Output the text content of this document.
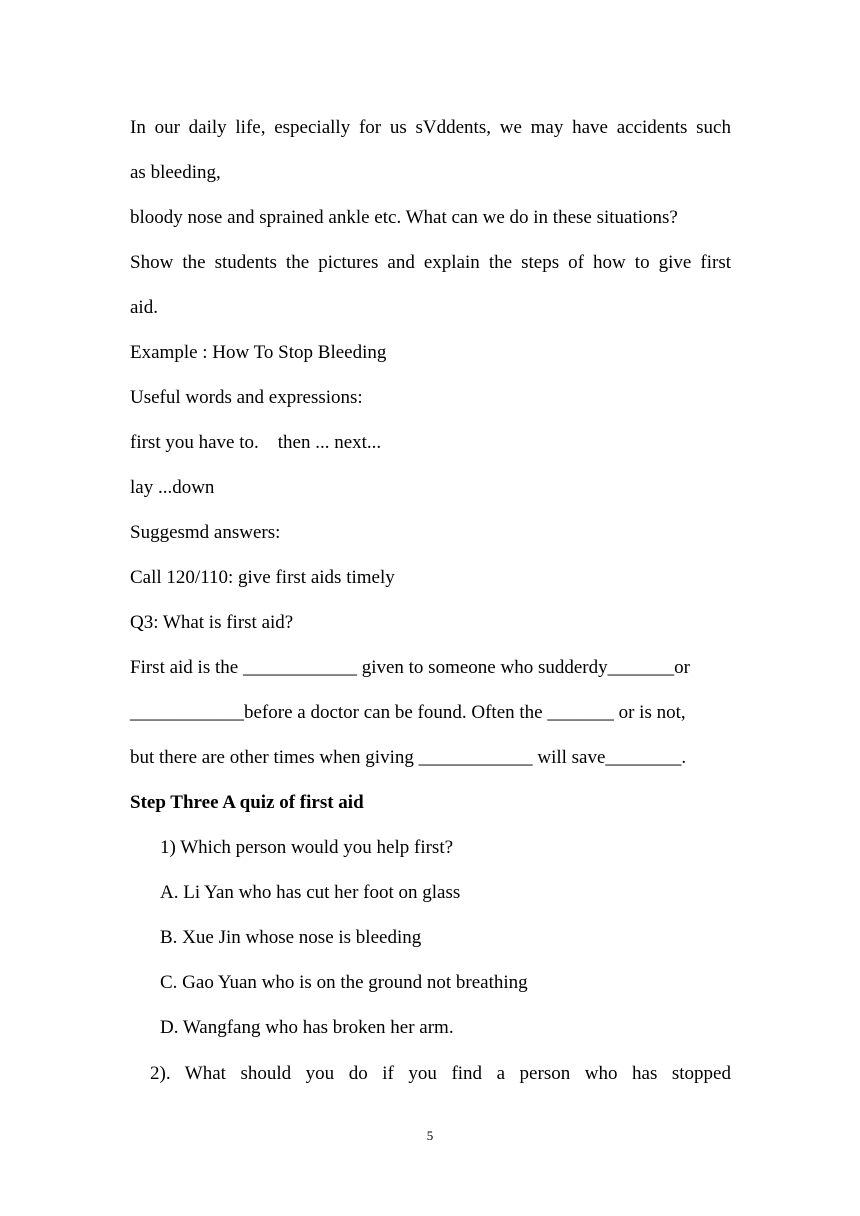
In our daily life, especially for us sVddents, we may have accidents such
as bleeding,
bloody nose and sprained ankle etc. What can we do in these situations?
Show the students the pictures and explain the steps of how to give first
aid.
Example : How To Stop Bleeding
Useful words and expressions:
first you have to.    then ... next...
lay ...down
Suggesmd answers:
Call 120/110: give first aids timely
Q3: What is first aid?
First aid is the ____________ given to someone who sudderdy_______or
____________before a doctor can be found. Often the _______ or is not,
but there are other times when giving ____________ will save________.
Step Three A quiz of first aid
1) Which person would you help first?
A. Li Yan who has cut her foot on glass
B. Xue Jin whose nose is bleeding
C. Gao Yuan who is on the ground not breathing
D. Wangfang who has broken her arm.
2). What should you do if you find a person who has stopped
5
